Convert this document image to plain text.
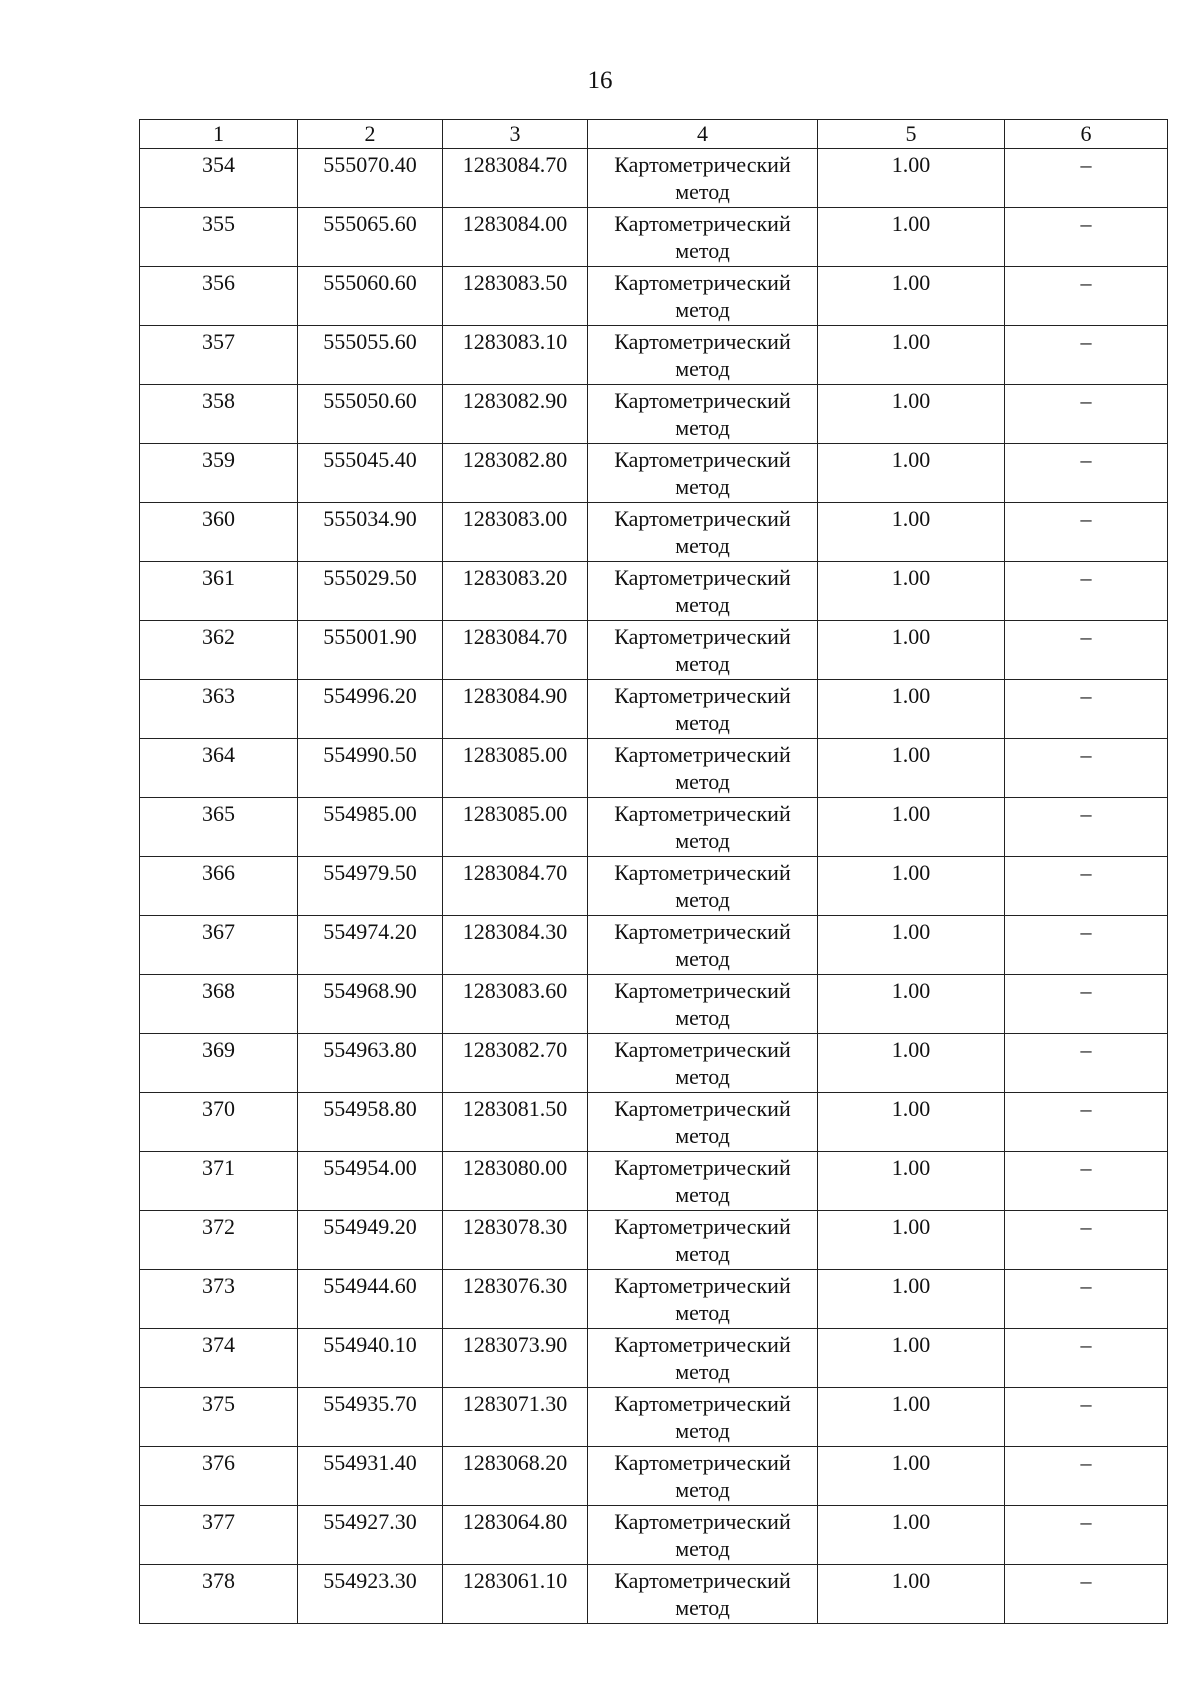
16
1	2	3	4	5	6
354	555070.40	1283084.70	Картометрический метод	1.00	–
355	555065.60	1283084.00	Картометрический метод	1.00	–
356	555060.60	1283083.50	Картометрический метод	1.00	–
357	555055.60	1283083.10	Картометрический метод	1.00	–
358	555050.60	1283082.90	Картометрический метод	1.00	–
359	555045.40	1283082.80	Картометрический метод	1.00	–
360	555034.90	1283083.00	Картометрический метод	1.00	–
361	555029.50	1283083.20	Картометрический метод	1.00	–
362	555001.90	1283084.70	Картометрический метод	1.00	–
363	554996.20	1283084.90	Картометрический метод	1.00	–
364	554990.50	1283085.00	Картометрический метод	1.00	–
365	554985.00	1283085.00	Картометрический метод	1.00	–
366	554979.50	1283084.70	Картометрический метод	1.00	–
367	554974.20	1283084.30	Картометрический метод	1.00	–
368	554968.90	1283083.60	Картометрический метод	1.00	–
369	554963.80	1283082.70	Картометрический метод	1.00	–
370	554958.80	1283081.50	Картометрический метод	1.00	–
371	554954.00	1283080.00	Картометрический метод	1.00	–
372	554949.20	1283078.30	Картометрический метод	1.00	–
373	554944.60	1283076.30	Картометрический метод	1.00	–
374	554940.10	1283073.90	Картометрический метод	1.00	–
375	554935.70	1283071.30	Картометрический метод	1.00	–
376	554931.40	1283068.20	Картометрический метод	1.00	–
377	554927.30	1283064.80	Картометрический метод	1.00	–
378	554923.30	1283061.10	Картометрический метод	1.00	–
